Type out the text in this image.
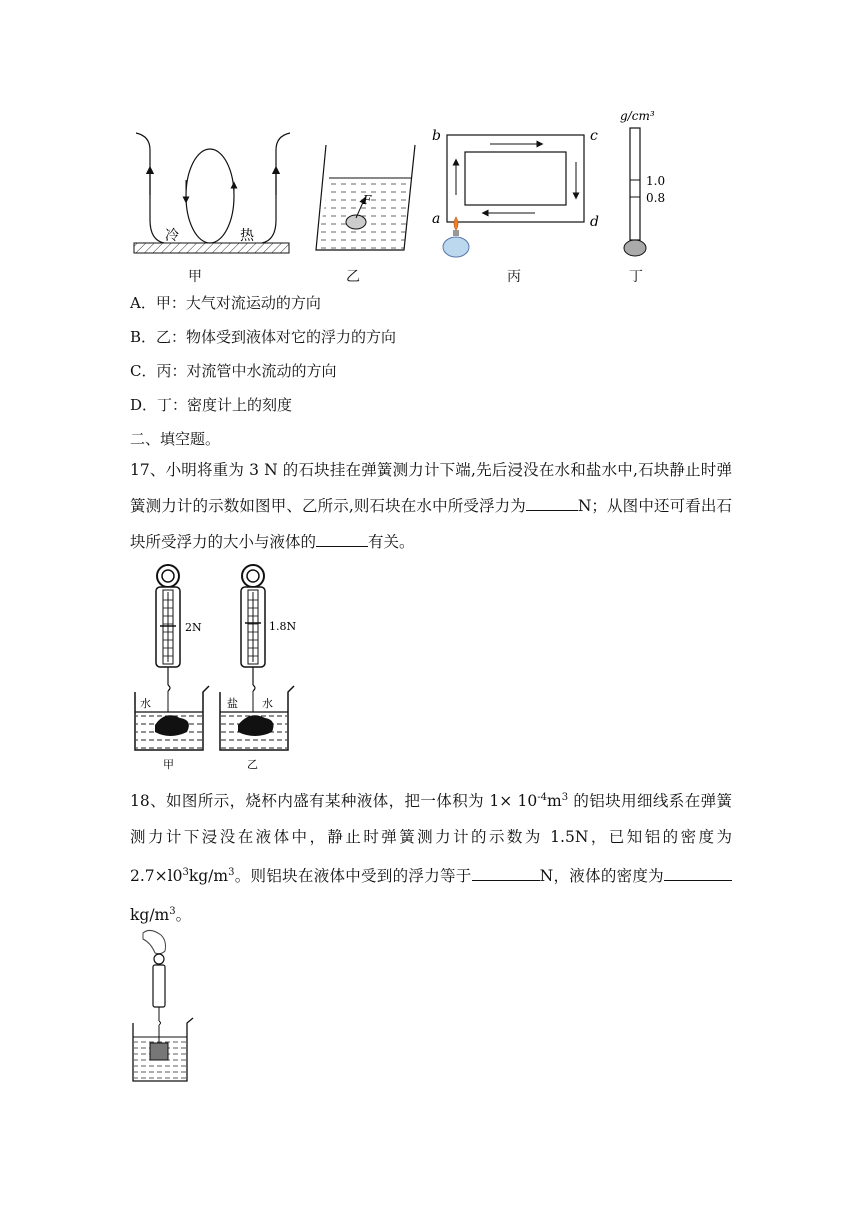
冷	热
F
a
b	c
d
g/cm³
1.0
0.8
甲	乙	丙	丁
A．甲：大气对流运动的方向
B．乙：物体受到液体对它的浮力的方向
C．丙：对流管中水流动的方向
D．丁：密度计上的刻度
二、填空题。
17、小明将重为 3 N 的石块挂在弹簧测力计下端,先后浸没在水和盐水中,石块静止时弹簧测力计的示数如图甲、乙所示,则石块在水中所受浮力为	N；从图中还可看出石块所受浮力的大小与液体的	有关。
2N	1.8N
水	盐 水
甲	乙
18、如图所示，烧杯内盛有某种液体，把一体积为 $1\times 10^{-4}m^3$ 的铝块用细线系在弹簧测力计下浸没在液体中，静止时弹簧测力计的示数为 1.5N，已知铝的密度为 $2.7\times l0^3kg/m^3$。则铝块在液体中受到的浮力等于	N，液体的密度为 $kg/m^3$。
